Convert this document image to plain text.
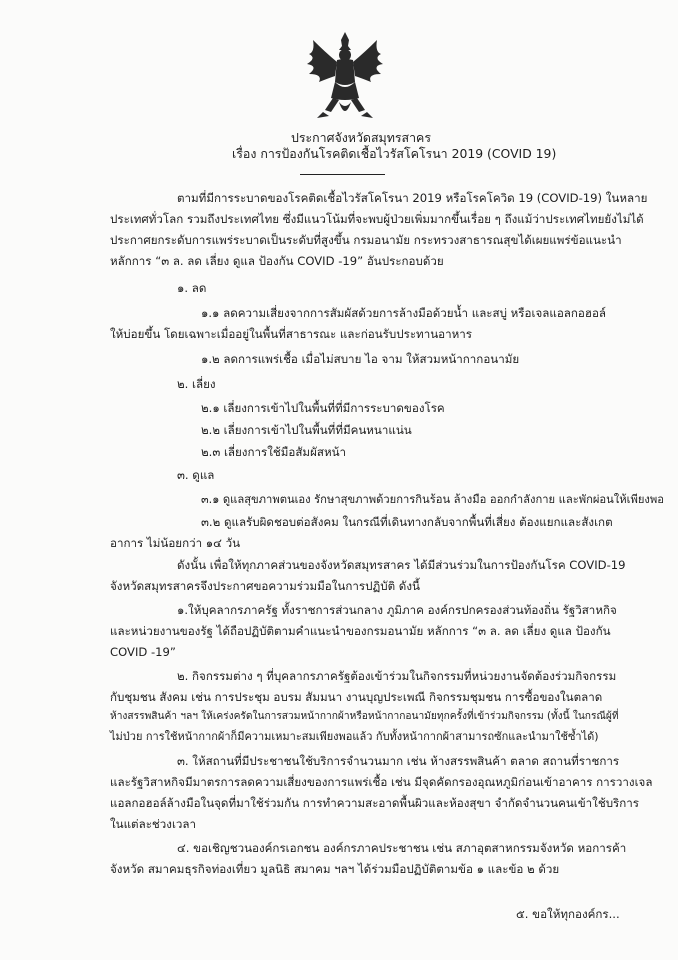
ประกาศจังหวัดสมุทรสาคร
เรื่อง การป้องกันโรคติดเชื้อไวรัสโคโรนา 2019 (COVID 19)
ตามที่มีการระบาดของโรคติดเชื้อไวรัสโคโรนา 2019 หรือโรคโควิด 19 (COVID-19) ในหลาย
ประเทศทั่วโลก รวมถึงประเทศไทย ซึ่งมีแนวโน้มที่จะพบผู้ป่วยเพิ่มมากขึ้นเรื่อย ๆ ถึงแม้ว่าประเทศไทยยังไม่ได้
ประกาศยกระดับการแพร่ระบาดเป็นระดับที่สูงขึ้น กรมอนามัย กระทรวงสาธารณสุขได้เผยแพร่ข้อแนะนำ
หลักการ “๓ ล. ลด เลี่ยง ดูแล ป้องกัน COVID -19” อันประกอบด้วย
๑. ลด
๑.๑ ลดความเสี่ยงจากการสัมผัสด้วยการล้างมือด้วยน้ำ และสบู่ หรือเจลแอลกอฮอล์
ให้บ่อยขึ้น โดยเฉพาะเมื่ออยู่ในพื้นที่สาธารณะ และก่อนรับประทานอาหาร
๑.๒ ลดการแพร่เชื้อ เมื่อไม่สบาย ไอ จาม ให้สวมหน้ากากอนามัย
๒. เลี่ยง
๒.๑ เลี่ยงการเข้าไปในพื้นที่ที่มีการระบาดของโรค
๒.๒ เลี่ยงการเข้าไปในพื้นที่ที่มีคนหนาแน่น
๒.๓ เลี่ยงการใช้มือสัมผัสหน้า
๓. ดูแล
๓.๑ ดูแลสุขภาพตนเอง รักษาสุขภาพด้วยการกินร้อน ล้างมือ ออกกำลังกาย และพักผ่อนให้เพียงพอ
๓.๒ ดูแลรับผิดชอบต่อสังคม ในกรณีที่เดินทางกลับจากพื้นที่เสี่ยง ต้องแยกและสังเกต
อาการ ไม่น้อยกว่า ๑๔ วัน
ดังนั้น เพื่อให้ทุกภาคส่วนของจังหวัดสมุทรสาคร ได้มีส่วนร่วมในการป้องกันโรค COVID-19
จังหวัดสมุทรสาครจึงประกาศขอความร่วมมือในการปฏิบัติ ดังนี้
๑.ให้บุคลากรภาครัฐ ทั้งราชการส่วนกลาง ภูมิภาค องค์กรปกครองส่วนท้องถิ่น รัฐวิสาหกิจ
และหน่วยงานของรัฐ ได้ถือปฏิบัติตามคำแนะนำของกรมอนามัย หลักการ “๓ ล. ลด เลี่ยง ดูแล ป้องกัน
COVID -19”
๒. กิจกรรมต่าง ๆ ที่บุคลากรภาครัฐต้องเข้าร่วมในกิจกรรมที่หน่วยงานจัดต้องร่วมกิจกรรม
กับชุมชน สังคม เช่น การประชุม อบรม สัมมนา งานบุญประเพณี กิจกรรมชุมชน การซื้อของในตลาด
ห้างสรรพสินค้า ฯลฯ ให้เคร่งครัดในการสวมหน้ากากผ้าหรือหน้ากากอนามัยทุกครั้งที่เข้าร่วมกิจกรรม (ทั้งนี้ ในกรณีผู้ที่
ไม่ป่วย การใช้หน้ากากผ้าก็มีความเหมาะสมเพียงพอแล้ว กับทั้งหน้ากากผ้าสามารถซักและนำมาใช้ซ้ำได้)
๓. ให้สถานที่มีประชาชนใช้บริการจำนวนมาก เช่น ห้างสรรพสินค้า ตลาด สถานที่ราชการ
และรัฐวิสาหกิจมีมาตรการลดความเสี่ยงของการแพร่เชื้อ เช่น มีจุดคัดกรองอุณหภูมิก่อนเข้าอาคาร การวางเจล
แอลกอฮอล์ล้างมือในจุดที่มาใช้ร่วมกัน การทำความสะอาดพื้นผิวและห้องสุขา จำกัดจำนวนคนเข้าใช้บริการ
ในแต่ละช่วงเวลา
๔. ขอเชิญชวนองค์กรเอกชน องค์กรภาคประชาชน เช่น สภาอุตสาหกรรมจังหวัด หอการค้า
จังหวัด สมาคมธุรกิจท่องเที่ยว มูลนิธิ สมาคม ฯลฯ ได้ร่วมมือปฏิบัติตามข้อ ๑ และข้อ ๒ ด้วย
๕. ขอให้ทุกองค์กร...
